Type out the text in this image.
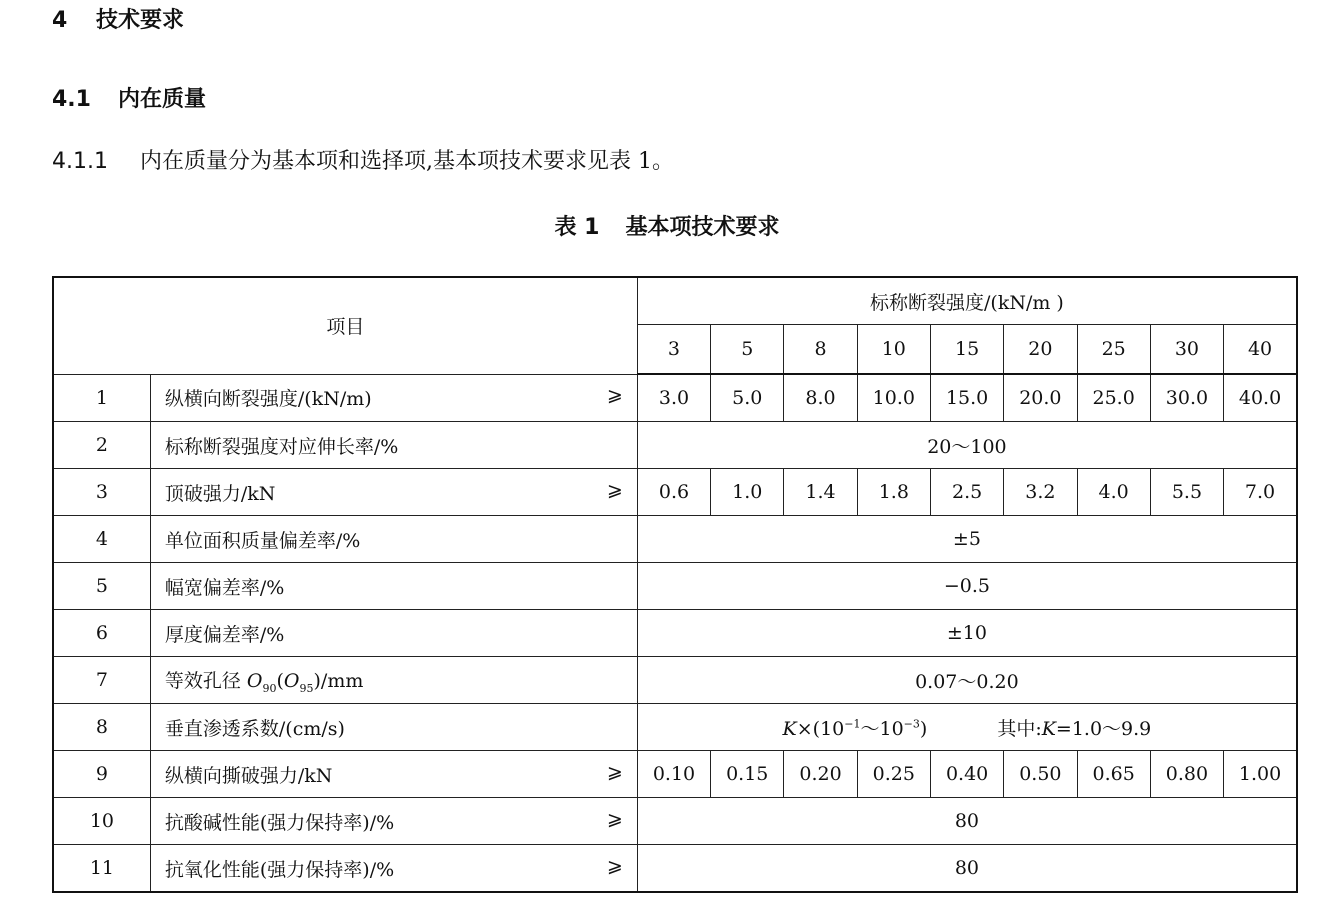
4 技术要求
4.1 内在质量
4.1.1 内在质量分为基本项和选择项,基本项技术要求见表 1。
表 1 基本项技术要求
项目		标称断裂强度/(kN/m )								
		3	5	8	10	15	20	25	30	40
1	纵横向断裂强度/(kN/m) ⩾	3.0	5.0	8.0	10.0	15.0	20.0	25.0	30.0	40.0
2	标称断裂强度对应伸长率/%	20～100								
3	顶破强力/kN ⩾	0.6	1.0	1.4	1.8	2.5	3.2	4.0	5.5	7.0
4	单位面积质量偏差率/%	±5								
5	幅宽偏差率/%	−0.5								
6	厚度偏差率/%	±10								
7	等效孔径 $O_{90}(O_{95})/mm$	0.07～0.20								
8	垂直渗透系数/(cm/s)	$K\times(10^{-1}\sim 10^{-3})$ 其中:K=1.0～9.9								
9	纵横向撕破强力/kN ⩾	0.10	0.15	0.20	0.25	0.40	0.50	0.65	0.80	1.00
10	抗酸碱性能(强力保持率)/% ⩾	80								
11	抗氧化性能(强力保持率)/% ⩾	80								
